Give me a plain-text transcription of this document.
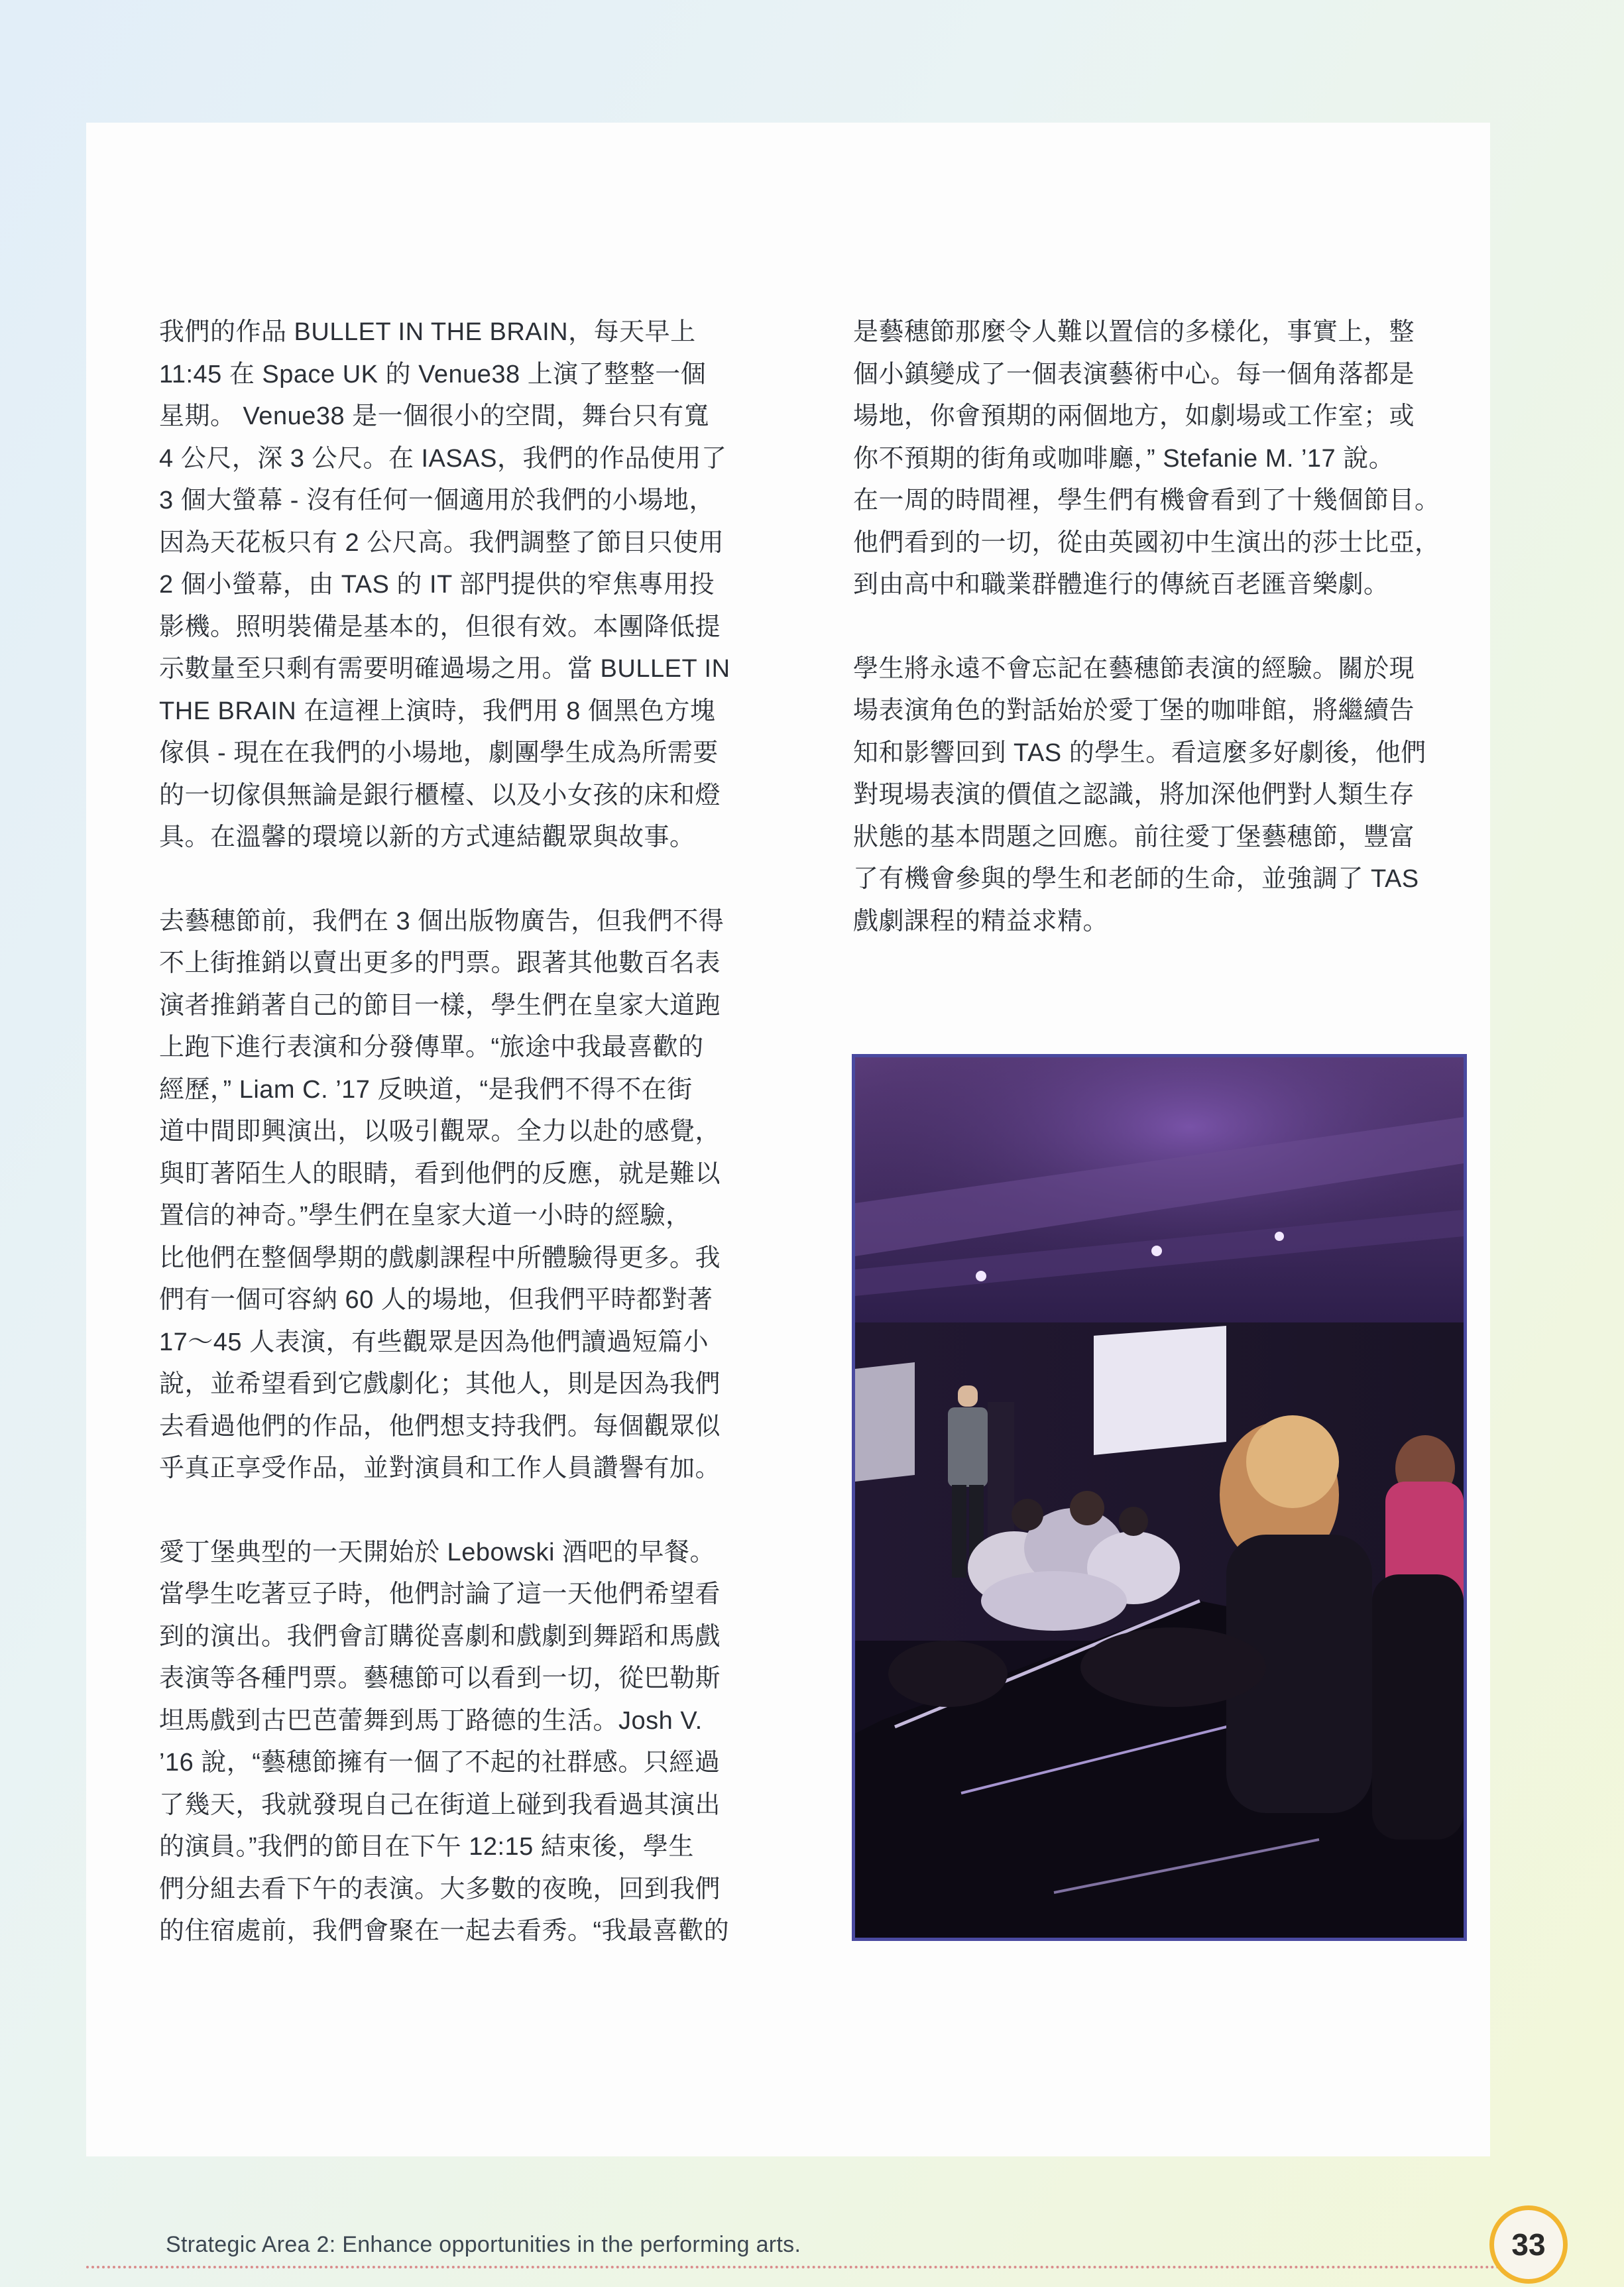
我們的作品 BULLET IN THE BRAIN，每天早上
11:45 在 Space UK 的 Venue38 上演了整整一個
星期。 Venue38 是一個很小的空間，舞台只有寬
4 公尺，深 3 公尺。在 IASAS，我們的作品使用了
3 個大螢幕 - 沒有任何一個適用於我們的小場地，
因為天花板只有 2 公尺高。我們調整了節目只使用
2 個小螢幕，由 TAS 的 IT 部門提供的窄焦專用投
影機。照明裝備是基本的，但很有效。本團降低提
示數量至只剩有需要明確過場之用。當 BULLET IN
THE BRAIN 在這裡上演時，我們用 8 個黑色方塊
傢俱 - 現在在我們的小場地，劇團學生成為所需要
的一切傢俱無論是銀行櫃檯、以及小女孩的床和燈
具。在溫馨的環境以新的方式連結觀眾與故事。

去藝穗節前，我們在 3 個出版物廣告，但我們不得
不上街推銷以賣出更多的門票。跟著其他數百名表
演者推銷著自己的節目一樣，學生們在皇家大道跑
上跑下進行表演和分發傳單。“旅途中我最喜歡的
經歷，” Liam C. ’17 反映道，“是我們不得不在街
道中間即興演出，以吸引觀眾。全力以赴的感覺，
與盯著陌生人的眼睛，看到他們的反應，就是難以
置信的神奇。”學生們在皇家大道一小時的經驗，
比他們在整個學期的戲劇課程中所體驗得更多。我
們有一個可容納 60 人的場地，但我們平時都對著
17～45 人表演，有些觀眾是因為他們讀過短篇小
說，並希望看到它戲劇化；其他人，則是因為我們
去看過他們的作品，他們想支持我們。每個觀眾似
乎真正享受作品，並對演員和工作人員讚譽有加。

愛丁堡典型的一天開始於 Lebowski 酒吧的早餐。
當學生吃著豆子時，他們討論了這一天他們希望看
到的演出。我們會訂購從喜劇和戲劇到舞蹈和馬戲
表演等各種門票。藝穗節可以看到一切，從巴勒斯
坦馬戲到古巴芭蕾舞到馬丁路德的生活。Josh V.
’16 說，“藝穗節擁有一個了不起的社群感。只經過
了幾天，我就發現自己在街道上碰到我看過其演出
的演員。”我們的節目在下午 12:15 結束後，學生
們分組去看下午的表演。大多數的夜晚，回到我們
的住宿處前，我們會聚在一起去看秀。“我最喜歡的

是藝穗節那麼令人難以置信的多樣化，事實上，整
個小鎮變成了一個表演藝術中心。每一個角落都是
場地，你會預期的兩個地方，如劇場或工作室；或
你不預期的街角或咖啡廳，” Stefanie M. ’17 說。
在一周的時間裡，學生們有機會看到了十幾個節目。
他們看到的一切，從由英國初中生演出的莎士比亞，
到由高中和職業群體進行的傳統百老匯音樂劇。

學生將永遠不會忘記在藝穗節表演的經驗。關於現
場表演角色的對話始於愛丁堡的咖啡館，將繼續告
知和影響回到 TAS 的學生。看這麼多好劇後，他們
對現場表演的價值之認識，將加深他們對人類生存
狀態的基本問題之回應。前往愛丁堡藝穗節，豐富
了有機會參與的學生和老師的生命，並強調了 TAS
戲劇課程的精益求精。

Strategic Area 2: Enhance opportunities in the performing arts.	33
